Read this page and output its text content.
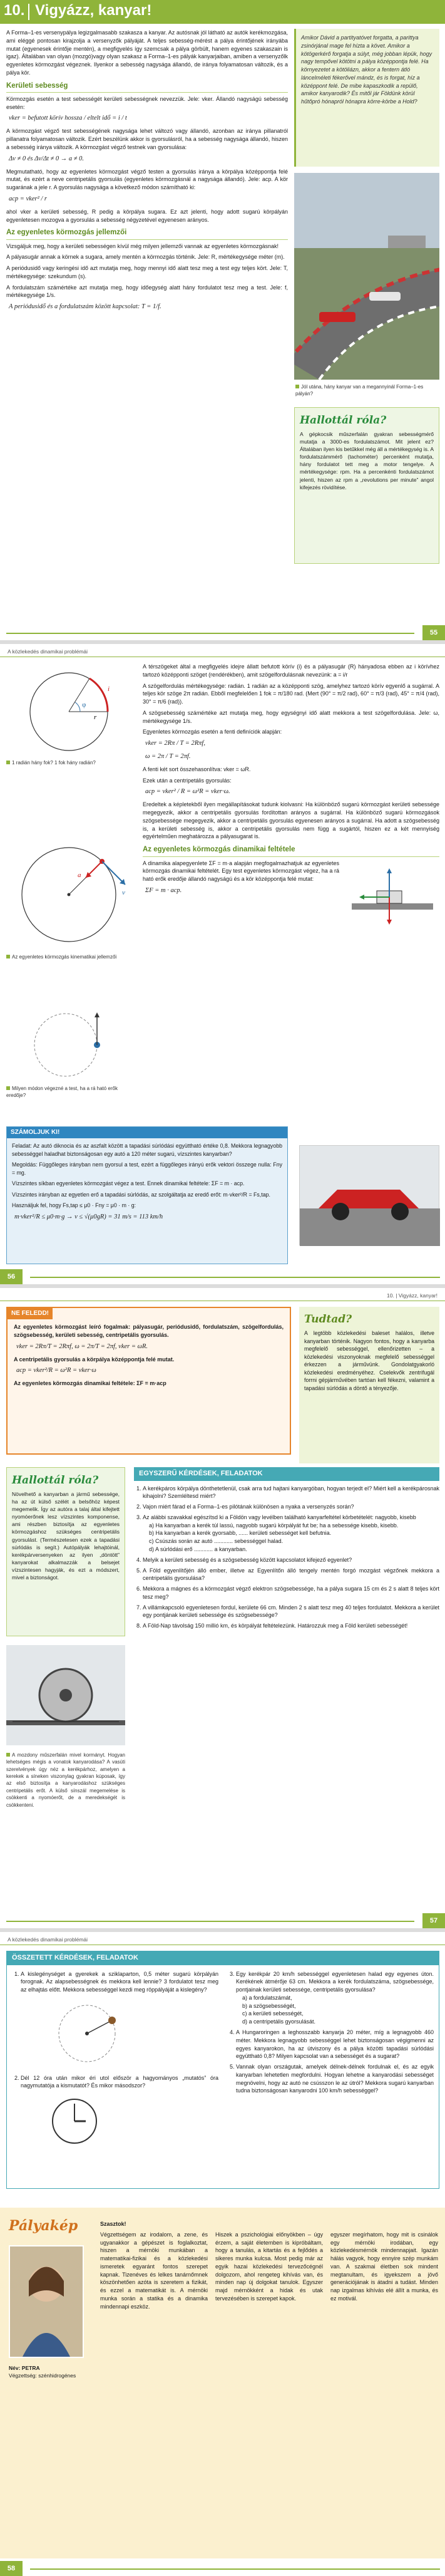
10. Vigyázz, kanyar!

A Forma–1-es versenypálya legizgalmasabb szakasza a kanyar. Az autósnak jól látható az autók kerékmozgása, ami eléggé pontosan kirajzolja a versenyzők pályáját. A teljes sebesség-mérést a pálya érintőjének irányába mutat (egyenesek érintője mentén), a megfigyelés így szemcsak a pálya görbült, hanem egyenes szakaszain is igaz). Általában van olyan (mozgó)vagy olyan szakasz a Forma–1-es pályák kanyarjaiban, amiben a versenyzőlk egyenletes körmozgást végeznek. Ilyenkor a sebesség nagysága állandó, de iránya folyamatosan változik, és a pálya kör.

Kerületi sebesség

Körmozgás esetén a test sebességét kerületi sebességnek nevezzük. Jele: vker. Állandó nagyságú sebesség esetén:

vker = befutott körív hossza / eltelt idő = i / t

A körmozgást végző test sebességének nagysága lehet változó vagy állandó, azonban az iránya pillanatról pillanatra folyamatosan változik. Ezért beszélünk akkor is gyorsulásról, ha a sebesség nagysága állandó, hiszen a sebesség iránya változik. A körmozgást végző testnek van gyorsulása:

Δv ≠ 0 és Δv/Δt ≠ 0 → a ≠ 0.

Megmutatható, hogy az egyenletes körmozgást végző testen a gyorsulás iránya a körpálya középpontja felé mutat, és ezért a neve centripetális gyorsulás (egyenletes körmozgásnál a nagysága állandó). Jele: acp. A kör sugarának a jele r. A gyorsulás nagysága a következő módon számítható ki:

acp = vker² / r

ahol vker a kerületi sebesség, R pedig a körpálya sugara. Ez azt jelenti, hogy adott sugarú körpályán egyenletesen mozogva a gyorsulás a sebesség négyzetével egyenesen arányos.

Az egyenletes körmozgás jellemzői

Vizsgáljuk meg, hogy a kerületi sebességen kívül még milyen jellemzői vannak az egyenletes körmozgásnak!

A pályasugár annak a körnek a sugara, amely mentén a körmozgás történik. Jele: R, mértékegysége méter (m).

A periódusidő vagy keringési idő azt mutatja meg, hogy mennyi idő alatt tesz meg a test egy teljes kört. Jele: T, mértékegysége: szekundum (s).

A fordulatszám számértéke azt mutatja meg, hogy időegység alatt hány fordulatot tesz meg a test. Jele: f, mértékegysége 1/s.

A periódusidő és a fordulatszám között kapcsolat: T = 1/f.
Amikor Dávid a partityatóvet forgatta, a parittya zsinórjánal mage fel hízta a követ. Amikor a kötögerkérő forgatja a súlyt, még jobban lépük, hogy nagy tempővel kötötni a pálya középpontja felé. Ha környezetet a kötöliázn, akkor a fentern átló láncelméleti fékerővel mándz, és is forgat, híz a középpont felé. De mibe kapaszkodik a repülő, amikor kanyarodik? És mitől jár Földünk körül hűtőpró hónapról hónapra körre-körbe a Hold?
Jól utána, hány kanyar van a megannyinál Forma–1-es pályán?
Hallottál róla?
A gépkocsik műszerfalán gyakran sebességmérő mutatja a 3000-es fordulatszámot. Mit jelent ez? Általában ilyen kis betűkkel még áll a mértékegység is. A fordulatszámmérő (tachométer) percenként mutatja, hány fordulatot tett meg a motor tengelye. A mértékegysége: rpm. Ha a percenkénti fordulatszámot jelenti, hiszen az rpm a „revolutions per minute” angol kifejezés rövidítése.
55
A közlekedés dinamikai problémái
r
i
φ
1 radián hány fok? 1 fok hány radián?
v
a
Az egyenletes körmozgás kinematikai jellemzői
Milyen módon végezné a test, ha a rá ható erők eredője?

A térszögeket által a megfigyelés idejre állatt befutott körív (i) és a pályasugár (R) hányadosa ebben az i körívhez tartozó középponti szöget (rendérékben), amit szögelfordulásnak nevezünk: a = i/r

A szögelfordulás mértékegysége: radián. 1 radián az a középponti szög, amelyhez tartozó körív egyenlő a sugárral. A teljes kör szöge 2π radián. Ebből megfelelően 1 fok = π/180 rad. (Mert (90° = π/2 rad), 60° = π/3 (rad), 45° = π/4 (rad), 30° = π/6 (rad)).

A szögsebesség számértéke azt mutatja meg, hogy egységnyi idő alatt mekkora a test szögelfordulása. Jele: ω, mértékegysége 1/s.

Egyenletes körmozgás esetén a fenti definíciók alapján:

vker = 2Rπ / T = 2Rπf,
ω = 2π / T = 2πf.

A fenti két sort összehasonlítva: vker = ωR.

Ezek után a centripetális gyorsulás:

acp = vker² / R = ω²R = vker·ω.

Eredeltek a képletekből ilyen megállapításokat tudunk kiolvasni: Ha különböző sugarú körmozgást kerületi sebessége megegyezik, akkor a centripetális gyorsulás fordítottan arányos a sugárral. Ha különböző sugarú körmozgások szögsebessége megegyezik, akkor a centripetális gyorsulás egyenesen arányos a sugárral. Ha adott a szögsebesség is, a kerületi sebesség is, akkor a centripetális gyorsulás nem függ a sugártól, hiszen ez a két mennyiség egyértelműen meghatározza a pályasugarat is.

Az egyenletes körmozgás dinamikai feltétele

A dinamika alapegyenlete ΣF = m·a alapján megfogalmazhatjuk az egyenletes körmozgás dinamikai feltételét. Egy test egyenletes körmozgást végez, ha a rá ható erők eredője állandó nagyságú és a kör középpontja felé mutat:

ΣF = m · acp.
SZÁMOLJUK KI!

Feladat: Az autó diknocia és az aszfalt között a tapadási súrlódási együttható értéke 0,8. Mekkora legnagyobb sebességgel haladhat biztonságosan egy autó a 120 méter sugarú, vízszintes kanyarban?

Megoldás: Függőleges irányban nem gyorsul a test, ezért a függőleges irányú erők vektori összege nulla: Fny = mg.

Vízszintes síkban egyenletes körmozgást végez a test. Ennek dinamikai feltétele: ΣF = m · acp.

Vízszintes irányban az egyetlen erő a tapadási súrlódás, az szolgáltatja az eredő erőt: m·vker²/R = Fs,tap.

Használjuk fel, hogy Fs,tap ≤ μ0 · Fny = μ0 · m · g:

m·vker²/R ≤ μ0·m·g → v ≤ √(μ0gR) = 31 m/s = 113 km/h
56
10. | Vigyázz, kanyar!
NE FELEDD!

Az egyenletes körmozgást leíró fogalmak: pályasugár, periódusidő, fordulatszám, szögelfordulás, szögsebesség, kerületi sebesség, centripetális gyorsulás.

vker = 2Rπ/T = 2Rπf, ω = 2π/T = 2πf, vker = ωR.

A centripetális gyorsulás a körpálya középpontja felé mutat.

acp = vker²/R = ω²R = vker·ω

Az egyenletes körmozgás dinamikai feltétele: ΣF = m·acp

Tudtad?
A legtöbb közlekedési baleset halálos, illetve kanyarban történik. Nagyon fontos, hogy a kanyarba megfelelő sebességgel, ellenőrizetten – a közlekedési viszonyoknak megfelelő sebességgel érkezzen a járművünk. Gondolatgyakorló közlekedési eredményéhez. Cselekvők zentrifugál forrni gépjárművében tartóan kell fékezni, valamint a tapadási súrlódás a döntő a tényezője.
Hallottál róla?
Növelhető a kanyarban a jármű sebessége, ha az út külső szélét a belsőhöz képest megemelik. Így az autóra a talaj által kifejtett nyomóerőnek lesz vízszintes komponense, ami részben biztosítja az egyenletes körmozgáshoz szükséges centripetális gyorsulást. (Természetesen ezek a tapadási súrlódás is segít.) Autópályák lehajtóinál, kerékpárversenyeken az ilyen „döntött” kanyarokat alkalmazzák a belsejet vízszintesen hagyják, és ezt a módszert, mivel a biztonságot.
A mozdony műszerfalán mivel kormányt. Hogyan lehetséges mégis a vonatok kanyarodása? A vasúti szerelvények úgy néz a kerékpárhoz, amelyen a kerekek a síneken viszonylag gyakran kúposak, így az első biztosítja a kanyarodáshoz szükséges centripetális erőt. A külső sínszál megemelése is csökkenti a nyomóerőt, de a meredekségét is csökkenteni.
EGYSZERŰ KÉRDÉSEK, FELADATOK
1. A kerékpáros körpálya dönthetetlenül, csak arra tud hajtani kanyargóban, hogyan terjedt el? Miért kell a kerékpárosnak kihajolni? Szemléltesd miért?
2. Vajon miért fárad el a Forma–1-es pilótának különösen a nyaka a versenyzés során?
3. Az alábbi szavakkal egészítsd ki a Földön vagy levélben található kanyarfeltétel körbetételét: nagyobb, kisebb
a) Ha kanyarban a kerék túl lassú, nagyobb sugarú körpályát fut be; ha a sebessége kisebb, kisebb.
b) Ha kanyarban a kerék gyorsabb, ...... kerületi sebességet kell befutnia.
c) Csúszás során az autó ............ sebességgel halad.
d) A súrlódási erő ............ a kanyarban.
4. Melyik a kerületi sebesség és a szögsebesség között kapcsolatot kifejező egyenlet?
5. A Föld egyenlítőjén álló ember, illetve az Egyenlítőn álló tengely mentén forgó mozgást végzőnek mekkora a centripetális gyorsulása?
6. Mekkora a mágnes és a körmozgást végző elektron szögsebessége, ha a pálya sugara 15 cm és 2 s alatt 8 teljes kört tesz meg?
7. A villámkapcsoló egyenletesen fordul, kerülete 66 cm. Minden 2 s alatt tesz meg 40 teljes fordulatot. Mekkora a kerület egy pontjának kerületi sebessége és szögsebessége?
8. A Föld-Nap távolság 150 millió km, és körpályát feltételezünk. Határozzuk meg a Föld kerületi sebességét!
57
A közlekedés dinamikai problémái
ÖSSZETETT KÉRDÉSEK, FELADATOK
1. A kislegénységet a gyerekek a sziklaparton, 0,5 méter sugarú körpályán forognak. Az alapsebességnek és mekkora kell lennie? 3 fordulatot tesz meg az elhajtás előtt. Mekkora sebességgel kezdi meg röppályáját a kislegény?
2. Dél 12 óra után mikor éri utol először a hagyományos „mutatós” óra nagymutatója a kismutatót? És mikor másodszor?
3. Egy kerékpár 20 km/h sebességgel egyenletesen halad egy egyenes úton. Kerékének átmérője 63 cm. Mekkora a kerék fordulatszáma, szögsebessége, pontjainak kerületi sebessége, centripetális gyorsulása?
a) a fordulatszámát,
b) a szögsebességét,
c) a kerületi sebességét,
d) a centripetális gyorsulását.
4. A Hungaroringen a leghosszabb kanyarja 20 méter, míg a legnagyobb 460 méter. Mekkora legnagyobb sebességgel lehet biztonságosan végigmenni az egyes kanyarokon, ha az útviszony és a pálya közötti tapadási súrlódási együttható 0,8? Milyen kapcsolat van a sebességet és a sugarat?
5. Vannak olyan országutak, amelyek délnek-délnek fordulnak el, és az egyik kanyarban lehetetlen megfordulni. Hogyan lehetne a kanyarodási sebességet megnövelni, hogy az autó ne csússzon le az útról? Mekkora sugarú kanyarban tudna biztonságosan kanyarodni 100 km/h sebességgel?
Pályakép
Név: PETRA
Végzettség: szénhidrogénes
Szasztok!

Végzettségem az irodalom, a zene, és ugyanakkor a gépészet is foglalkoztat, hiszen a mérnöki munkában a matematikai-fizikai és a közlekedési ismeretek egyaránt fontos szerepet kapnak. Tizenéves és lelkes tanárnőmnek köszönhetően azóta is szeretem a fizikát, és ezzel a matematikát is. A mérnöki munka során a statika és a dinamika mindennapi eszköz.

Hiszek a pszichológiai előnyökben – úgy érzem, a saját életemben is kipróbáltam, hogy a tanulás, a kitartás és a fejlődés a sikeres munka kulcsa. Most pedig már az egyik hazai közlekedési tervezőcégnél dolgozom, ahol rengeteg kihívás van, és minden nap új dolgokat tanulok. Egyszer majd mérnökként a hidak és utak tervezésében is szerepet kapok.

egyszer megírhatom, hogy mit is csinálok egy mérnöki irodában, egy közlekedésmérnök mindennapjait. Igazán hálás vagyok, hogy ennyire szép munkám van. A szakmai életben sok mindent megtanultam, és igyekszem a jövő generációjának is átadni a tudást. Minden nap izgalmas kihívás elé állít a munka, és ez motivál.

58
